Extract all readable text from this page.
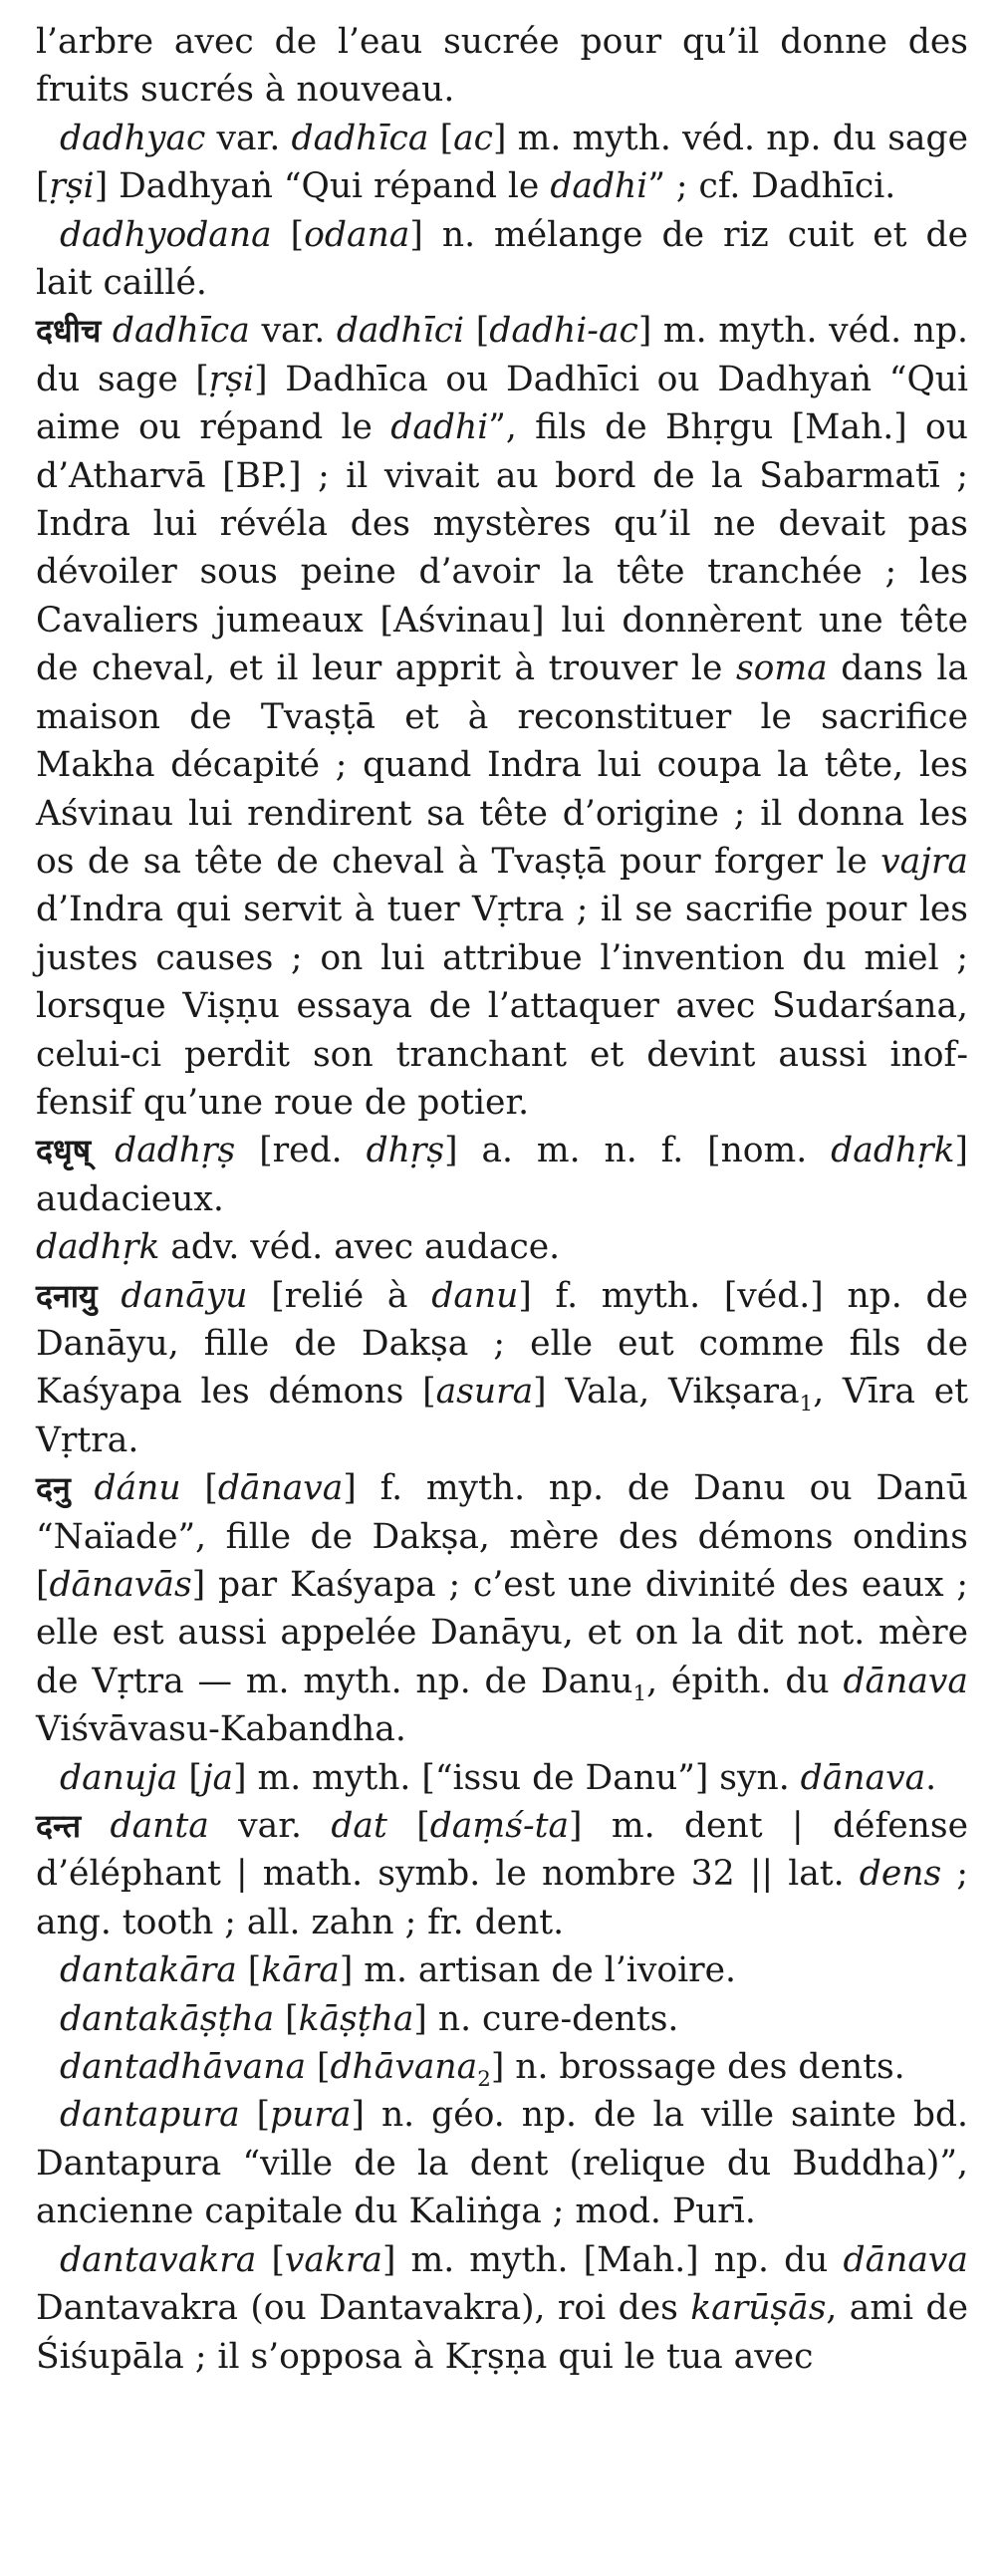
l’arbre avec de l’eau sucrée pour qu’il donne des fruits sucrés à nouveau.

dadhyac var. dadhīca [ac] m. myth. véd. np. du sage [ṛṣi] Dadhyaṅ “Qui répand le dadhi” ; cf. Dadhīci.

dadhyodana [odana] n. mélange de riz cuit et de lait caillé.

दधीच dadhīca var. dadhīci [dadhi-ac] m. myth. véd. np. du sage [ṛṣi] Dadhīca ou Dadhīci ou Dadhyaṅ “Qui aime ou répand le dadhi”, fils de Bhṛgu [Mah.] ou d’Atharvā [BP.] ; il vivait au bord de la Sabarmatī ; Indra lui révéla des mystères qu’il ne devait pas dévoiler sous peine d’avoir la tête tranchée ; les Cavaliers jumeaux [Aśvinau] lui donnèrent une tête de cheval, et il leur apprit à trouver le soma dans la maison de Tvaṣṭā et à reconstituer le sacrifice Makha décapité ; quand Indra lui coupa la tête, les Aśvinau lui rendirent sa tête d’origine ; il donna les os de sa tête de cheval à Tvaṣṭā pour forger le vajra d’Indra qui servit à tuer Vṛtra ; il se sacrifie pour les justes causes ; on lui attribue l’invention du miel ; lorsque Viṣṇu essaya de l’attaquer avec Sudarśana, celui-ci perdit son tranchant et devint aussi inoffensif qu’une roue de potier.

दधृष् dadhṛṣ [red. dhṛṣ] a. m. n. f. [nom. dadhṛk] audacieux.

dadhṛk adv. véd. avec audace.

दनायु danāyu [relié à danu] f. myth. [véd.] np. de Danāyu, fille de Dakṣa ; elle eut comme fils de Kaśyapa les démons [asura] Vala, Vikṣara$_1$, Vīra et Vṛtra.

दनु dánu [dānava] f. myth. np. de Danu ou Danū “Naïade”, fille de Dakṣa, mère des démons ondins [dānavās] par Kaśyapa ; c’est une divinité des eaux ; elle est aussi appelée Danāyu, et on la dit not. mère de Vṛtra — m. myth. np. de Danu$_1$, épith. du dānava Viśvāvasu-Kabandha.

danuja [ja] m. myth. [“issu de Danu”] syn. dānava.

दन्त danta var. dat [daṃś-ta] m. dent | défense d’éléphant | math. symb. le nombre 32 || lat. dens ; ang. tooth ; all. zahn ; fr. dent.

dantakāra [kāra] m. artisan de l’ivoire.

dantakāṣṭha [kāṣṭha] n. cure-dents.

dantadhāvana [dhāvana$_2$] n. brossage des dents.

dantapura [pura] n. géo. np. de la ville sainte bd. Dantapura “ville de la dent (relique du Buddha)”, ancienne capitale du Kaliṅga ; mod. Purī.

dantavakra [vakra] m. myth. [Mah.] np. du dānava Dantavakra (ou Dantavakra), roi des karūṣās, ami de Śiśupāla ; il s’opposa à Kṛṣṇa qui le tua avec
